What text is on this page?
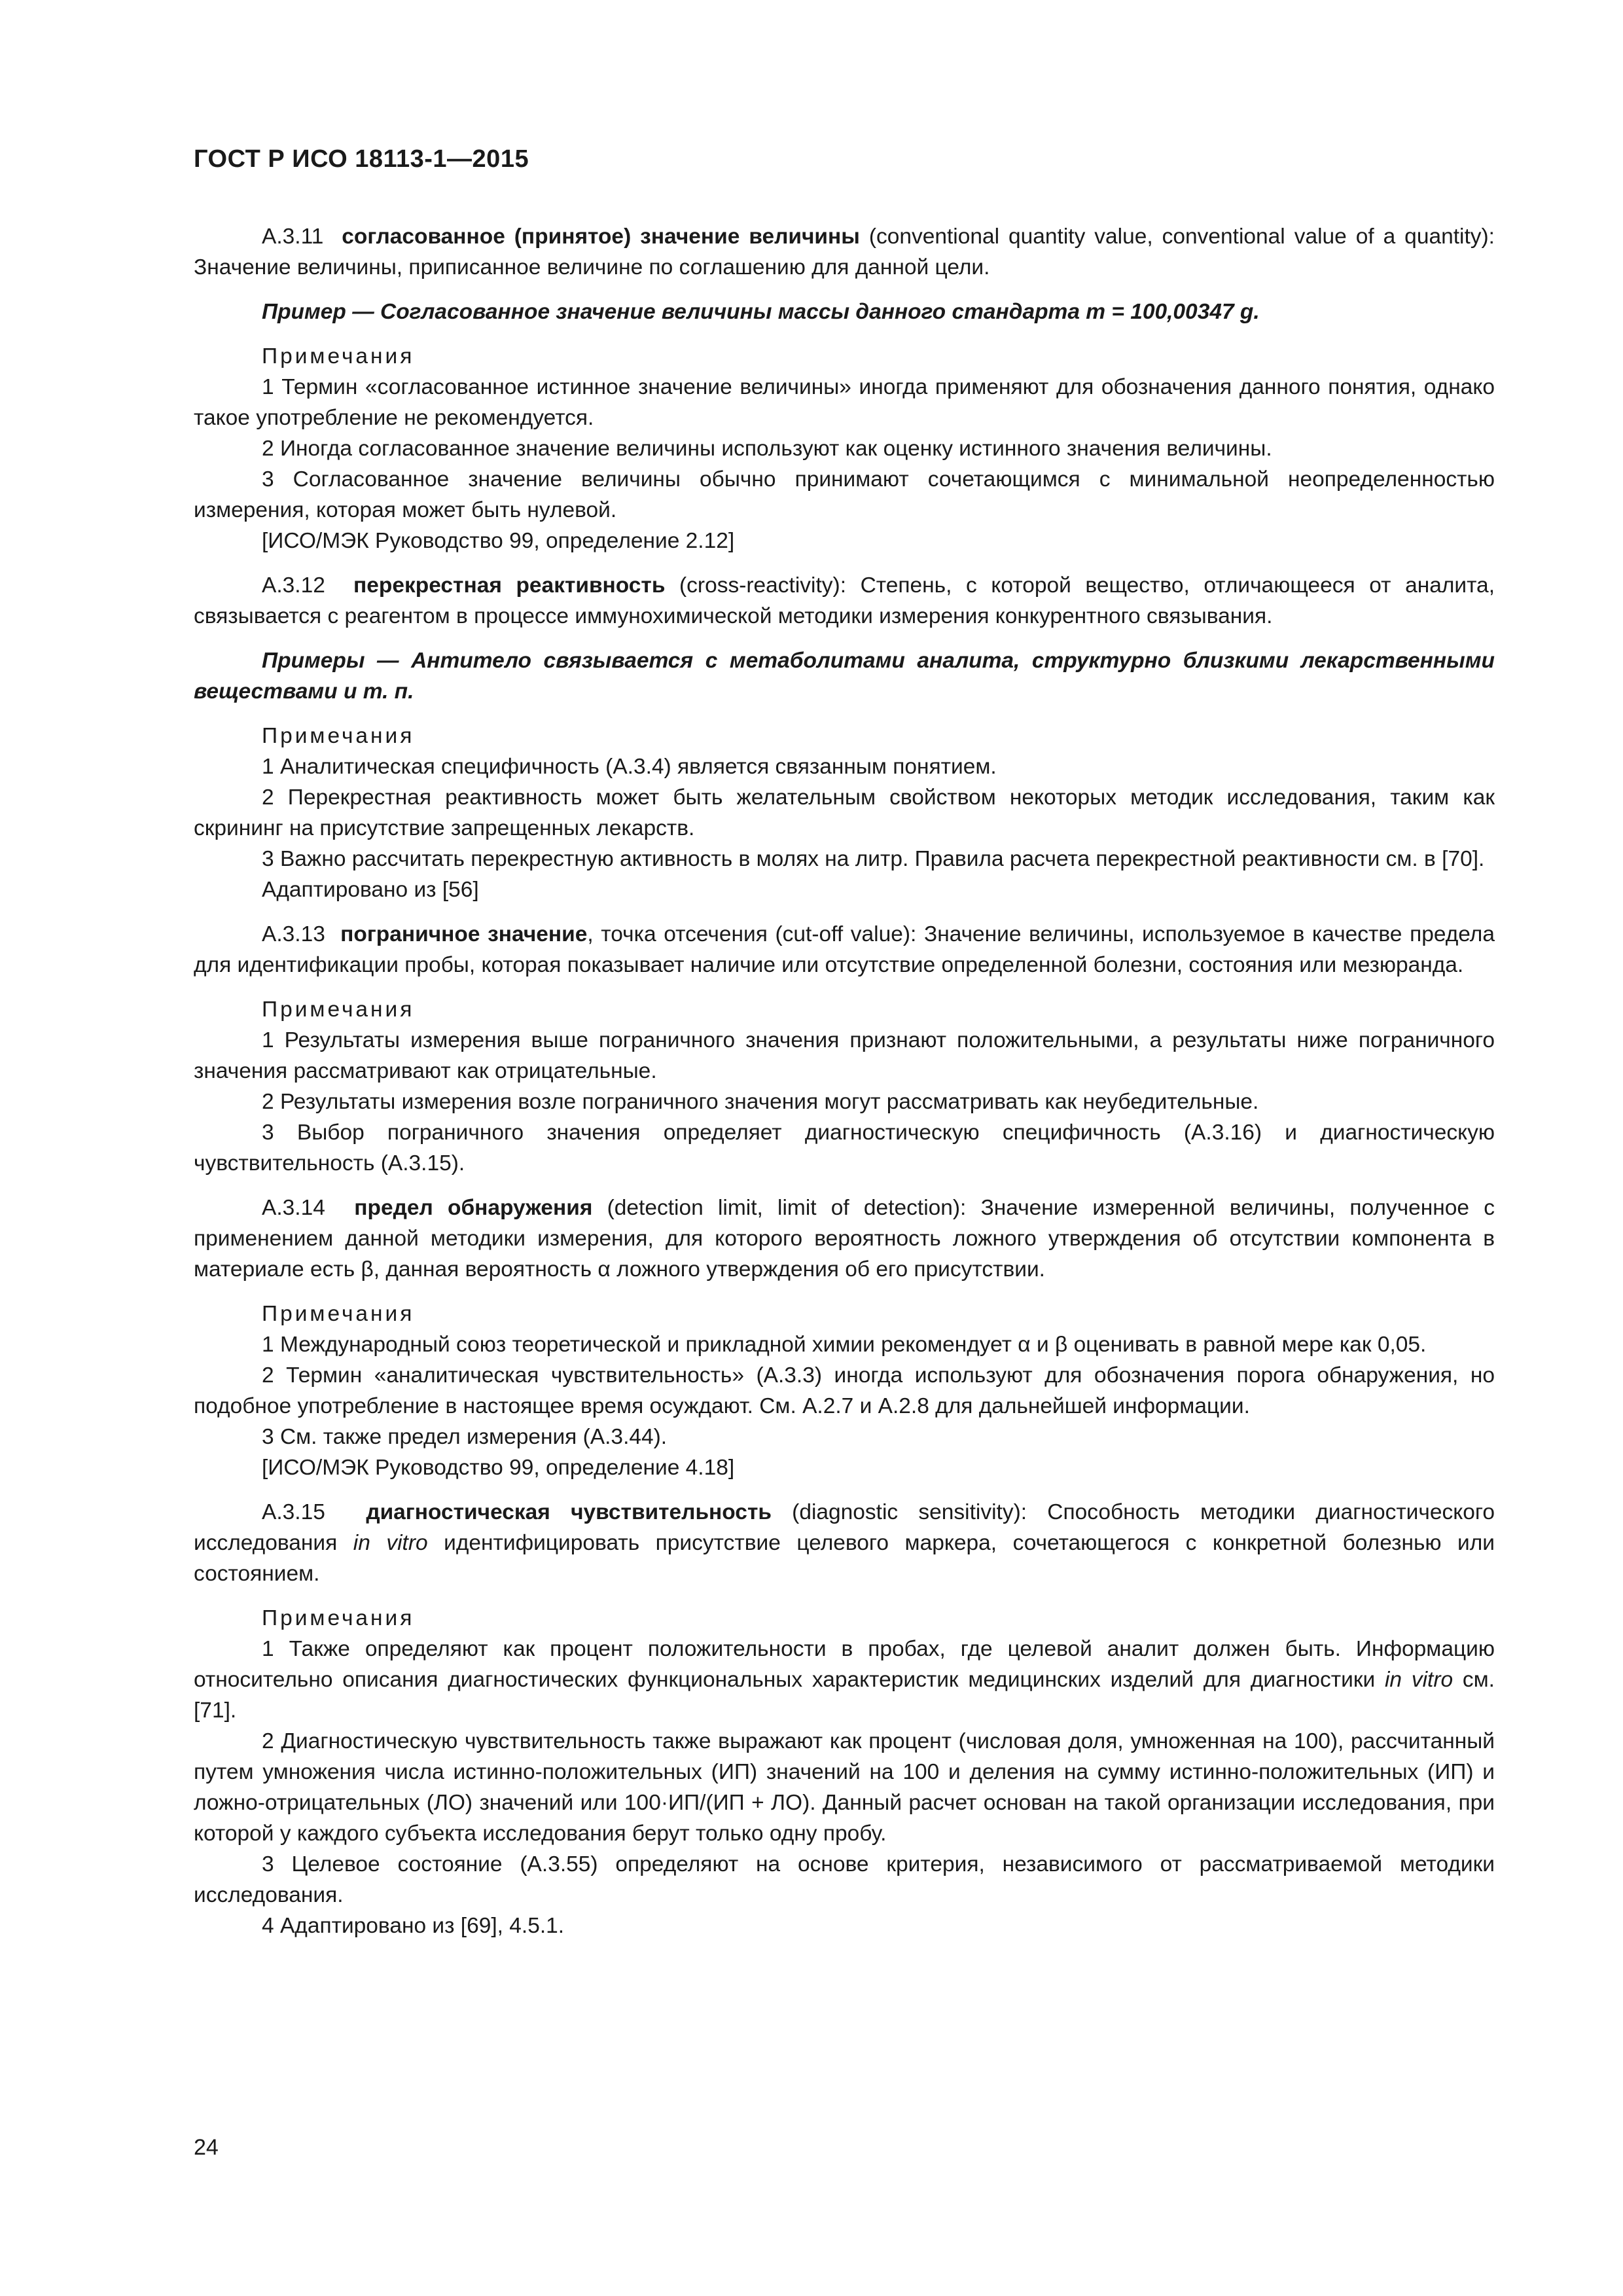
ГОСТ Р ИСО 18113-1—2015

А.3.11 согласованное (принятое) значение величины (conventional quantity value, conventional value of a quantity): Значение величины, приписанное величине по соглашению для данной цели.

Пример — Согласованное значение величины массы данного стандарта m = 100,00347 g.

Примечания

1 Термин «согласованное истинное значение величины» иногда применяют для обозначения данного понятия, однако такое употребление не рекомендуется.

2 Иногда согласованное значение величины используют как оценку истинного значения величины.

3 Согласованное значение величины обычно принимают сочетающимся с минимальной неопределенностью измерения, которая может быть нулевой.

[ИСО/МЭК Руководство 99, определение 2.12]

А.3.12 перекрестная реактивность (cross-reactivity): Степень, с которой вещество, отличающееся от аналита, связывается с реагентом в процессе иммунохимической методики измерения конкурентного связывания.

Примеры — Антитело связывается с метаболитами аналита, структурно близкими лекарственными веществами и т. п.

Примечания

1 Аналитическая специфичность (А.3.4) является связанным понятием.

2 Перекрестная реактивность может быть желательным свойством некоторых методик исследования, таким как скрининг на присутствие запрещенных лекарств.

3 Важно рассчитать перекрестную активность в молях на литр. Правила расчета перекрестной реактивности см. в [70].

Адаптировано из [56]

А.3.13 пограничное значение, точка отсечения (cut-off value): Значение величины, используемое в качестве предела для идентификации пробы, которая показывает наличие или отсутствие определенной болезни, состояния или мезюранда.

Примечания

1 Результаты измерения выше пограничного значения признают положительными, а результаты ниже пограничного значения рассматривают как отрицательные.

2 Результаты измерения возле пограничного значения могут рассматривать как неубедительные.

3 Выбор пограничного значения определяет диагностическую специфичность (А.3.16) и диагностическую чувствительность (А.3.15).

А.3.14 предел обнаружения (detection limit, limit of detection): Значение измеренной величины, полученное с применением данной методики измерения, для которого вероятность ложного утверждения об отсутствии компонента в материале есть β, данная вероятность α ложного утверждения об его присутствии.

Примечания

1 Международный союз теоретической и прикладной химии рекомендует α и β оценивать в равной мере как 0,05.

2 Термин «аналитическая чувствительность» (А.3.3) иногда используют для обозначения порога обнаружения, но подобное употребление в настоящее время осуждают. См. А.2.7 и А.2.8 для дальнейшей информации.

3 См. также предел измерения (А.3.44).

[ИСО/МЭК Руководство 99, определение 4.18]

А.3.15 диагностическая чувствительность (diagnostic sensitivity): Способность методики диагностического исследования in vitro идентифицировать присутствие целевого маркера, сочетающегося с конкретной болезнью или состоянием.

Примечания

1 Также определяют как процент положительности в пробах, где целевой аналит должен быть. Информацию относительно описания диагностических функциональных характеристик медицинских изделий для диагностики in vitro см. [71].

2 Диагностическую чувствительность также выражают как процент (числовая доля, умноженная на 100), рассчитанный путем умножения числа истинно-положительных (ИП) значений на 100 и деления на сумму истинно-положительных (ИП) и ложно-отрицательных (ЛО) значений или 100·ИП/(ИП + ЛО). Данный расчет основан на такой организации исследования, при которой у каждого субъекта исследования берут только одну пробу.

3 Целевое состояние (А.3.55) определяют на основе критерия, независимого от рассматриваемой методики исследования.

4 Адаптировано из [69], 4.5.1.

24
